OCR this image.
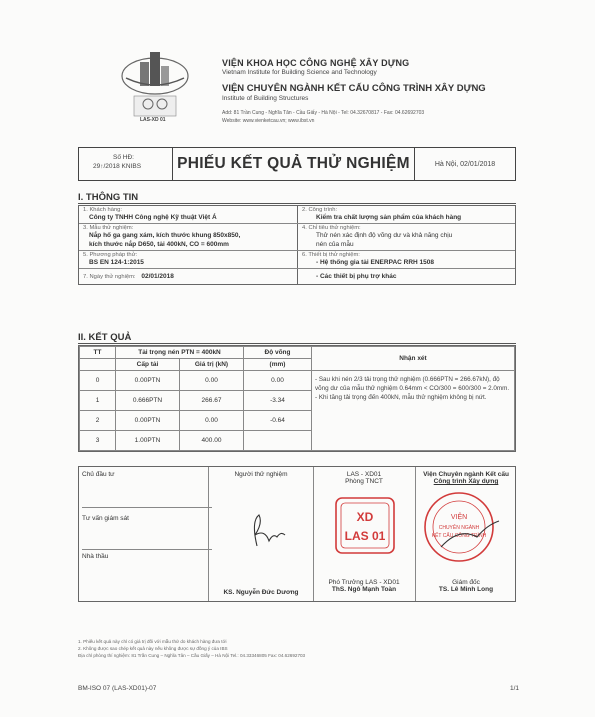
LAS-XD 01
VIỆN KHOA HỌC CÔNG NGHỆ XÂY DỰNG
Vietnam Institute for Building Science and Technology
VIỆN CHUYÊN NGÀNH KẾT CẤU CÔNG TRÌNH XÂY DỰNG
Institute of Building Structures
Add: 81 Trần Cung - Nghĩa Tân - Cầu Giấy - Hà Nội - Tel: 04.32670817 - Fax: 04.62692703
Website: www.vienketcau.vn; www.ibst.vn
Số HĐ:
29↑/2018 KNIBS	PHIẾU KẾT QUẢ THỬ NGHIỆM	Hà Nội, 02/01/2018
I. THÔNG TIN
1. Khách hàng:
Công ty TNHH Công nghệ Kỹ thuật Việt Á
2. Công trình:
Kiểm tra chất lượng sản phẩm của khách hàng
3. Mẫu thử nghiệm:
Nắp hố ga gang xám, kích thước khung 850x850,
kích thước nắp D650, tải 400kN, CO = 600mm
4. Chỉ tiêu thử nghiệm:
Thử nén xác định độ võng dư và khả năng chịu
nén của mẫu
5. Phương pháp thử:
BS EN 124-1:2015
6. Thiết bị thử nghiệm:
- Hệ thống gia tải ENERPAC RRH 1508
7. Ngày thử nghiệm: 02/01/2018	- Các thiết bị phụ trợ khác
II. KẾT QUẢ
TT	Tải trọng nén PTN = 400kN		Độ võng	Nhận xét
	Cấp tải	Giá trị (kN)	(mm)	
0	0.00PTN	0.00	0.00	- Sau khi nén 2/3 tải trọng thử nghiệm (0.666PTN = 266.67kN), độ võng dư của mẫu thử nghiệm 0.64mm < CO/300 = 600/300 = 2.0mm.
- Khi tăng tải trọng đến 400kN, mẫu thử nghiệm không bị nứt.

1	0.666PTN	266.67	-3.34	
2	0.00PTN	0.00	-0.64	
3	1.00PTN	400.00		
Chủ đầu tư
Tư vấn giám sát
Nhà thầu
Người thử nghiệm	LAS - XD01
Phòng TNCT
Viện Chuyên ngành Kết cấu
Công trình Xây dựng
XD
LAS 01
VIỆN
CHUYÊN NGÀNH
KẾT CẤU CÔNG TRÌNH
KS. Nguyễn Đức Dương
Phó Trưởng LAS - XD01
ThS. Ngô Mạnh Toàn
Giám đốc
TS. Lê Minh Long
1. Phiếu kết quả này chỉ có giá trị đối với mẫu thử do khách hàng đưa tới
2. Không được sao chép kết quả này nếu không được sự đồng ý của IBS
Địa chỉ phòng thí nghiệm: 81 Trần Cung – Nghĩa Tân – Cầu Giấy – Hà Nội Tel.: 04.33346805 Fax: 04.62692703
BM-ISO 07 (LAS-XD01)-07	1/1
